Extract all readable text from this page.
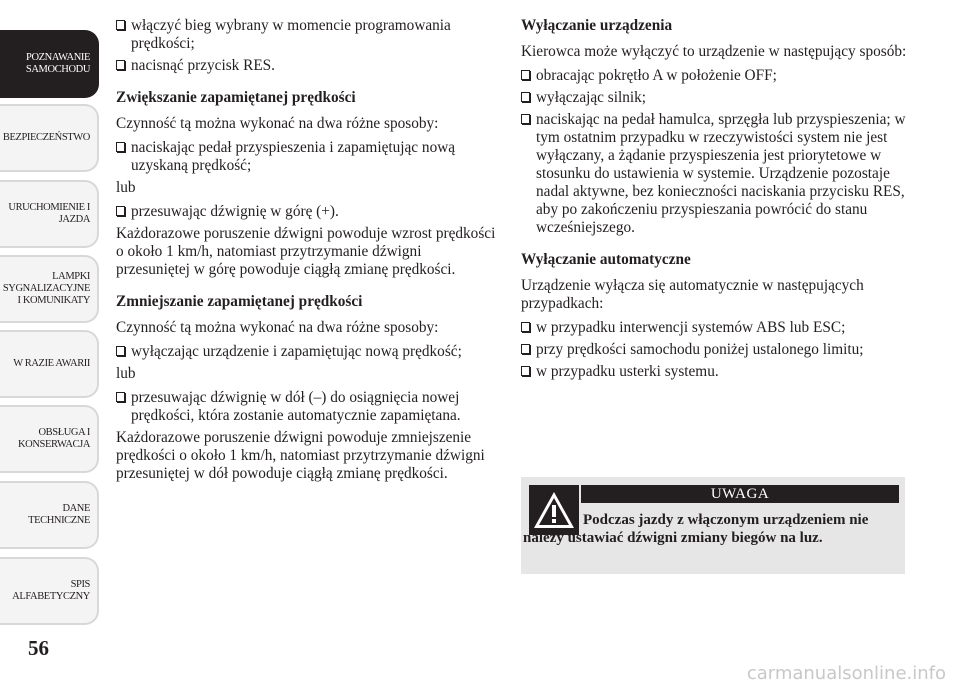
POZNAWANIE
SAMOCHODU
BEZPIECZEŃSTWO
URUCHOMIENIE I
JAZDA
LAMPKI
SYGNALIZACYJNE
I KOMUNIKATY
W RAZIE AWARII
OBSŁUGA I
KONSERWACJA
DANE
TECHNICZNE
SPIS
ALFABETYCZNY
56

włączyć bieg wybrany w momencie programowania prędkości;

nacisnąć przycisk RES.

Zwiększanie zapamiętanej prędkości

Czynność tą można wykonać na dwa różne sposoby:

naciskając pedał przyspieszenia i zapamiętując nową uzyskaną prędkość;

lub

przesuwając dźwignię w górę (+).

Każdorazowe poruszenie dźwigni powoduje wzrost prędkości o około 1 km/h, natomiast przytrzymanie dźwigni przesuniętej w górę powoduje ciągłą zmianę prędkości.

Zmniejszanie zapamiętanej prędkości

Czynność tą można wykonać na dwa różne sposoby:

wyłączając urządzenie i zapamiętując nową prędkość;

lub

przesuwając dźwignię w dół (–) do osiągnięcia nowej prędkości, która zostanie automatycznie zapamiętana.

Każdorazowe poruszenie dźwigni powoduje zmniejszenie prędkości o około 1 km/h, natomiast przytrzymanie dźwigni przesuniętej w dół powoduje ciągłą zmianę prędkości.

Wyłączanie urządzenia

Kierowca może wyłączyć to urządzenie w następujący sposób:

obracając pokrętło A w położenie OFF;

wyłączając silnik;

naciskając na pedał hamulca, sprzęgła lub przyspieszenia; w tym ostatnim przypadku w rzeczywistości system nie jest wyłączany, a żądanie przyspieszenia jest priorytetowe w stosunku do ustawienia w systemie. Urządzenie pozostaje nadal aktywne, bez konieczności naciskania przycisku RES, aby po zakończeniu przyspieszania powrócić do stanu wcześniejszego.

Wyłączanie automatyczne

Urządzenie wyłącza się automatycznie w następujących przypadkach:

w przypadku interwencji systemów ABS lub ESC;

przy prędkości samochodu poniżej ustalonego limitu;

w przypadku usterki systemu.

UWAGA
Podczas jazdy z włączonym urządzeniem nie należy ustawiać dźwigni zmiany biegów na luz.
carmanualsonline.info
